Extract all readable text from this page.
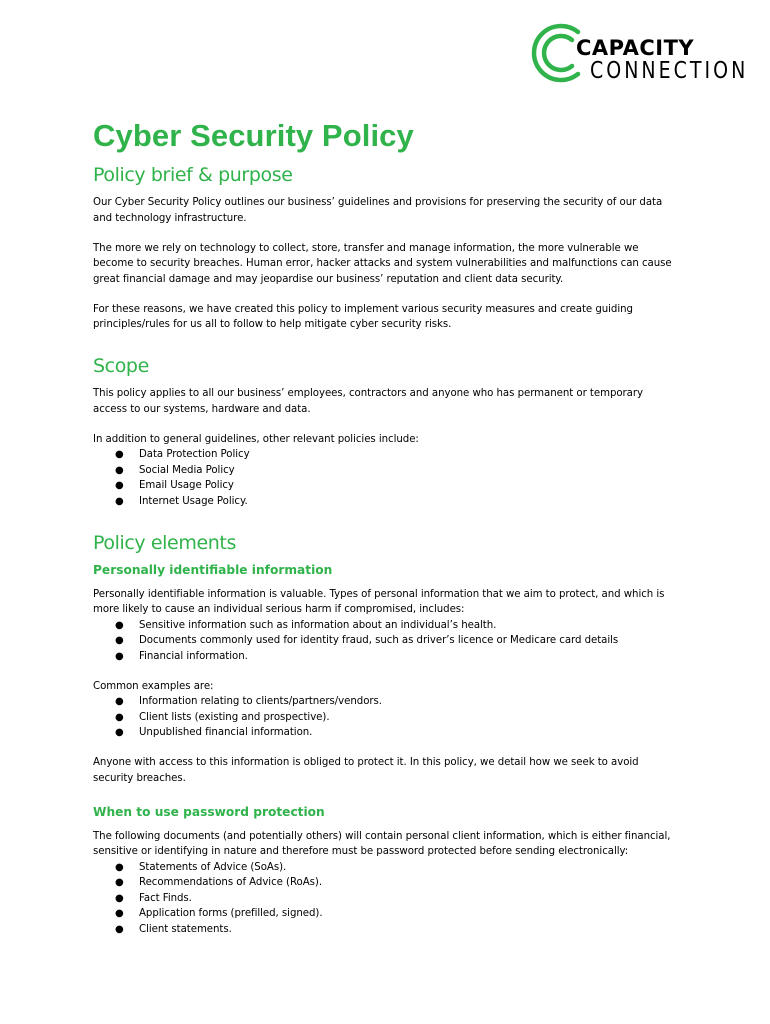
CAPACITY
CONNECTION
Cyber Security Policy
Policy brief & purpose

Our Cyber Security Policy outlines our business’ guidelines and provisions for preserving the security of our data and technology infrastructure.

The more we rely on technology to collect, store, transfer and manage information, the more vulnerable we become to security breaches. Human error, hacker attacks and system vulnerabilities and malfunctions can cause great financial damage and may jeopardise our business’ reputation and client data security.

For these reasons, we have created this policy to implement various security measures and create guiding principles/rules for us all to follow to help mitigate cyber security risks.

Scope

This policy applies to all our business’ employees, contractors and anyone who has permanent or temporary access to our systems, hardware and data.

In addition to general guidelines, other relevant policies include:

● Data Protection Policy
● Social Media Policy
● Email Usage Policy
● Internet Usage Policy.
Policy elements
Personally identifiable information

Personally identifiable information is valuable. Types of personal information that we aim to protect, and which is more likely to cause an individual serious harm if compromised, includes:

● Sensitive information such as information about an individual’s health.
● Documents commonly used for identity fraud, such as driver’s licence or Medicare card details
● Financial information.

Common examples are:

● Information relating to clients/partners/vendors.
● Client lists (existing and prospective).
● Unpublished financial information.

Anyone with access to this information is obliged to protect it. In this policy, we detail how we seek to avoid security breaches.

When to use password protection

The following documents (and potentially others) will contain personal client information, which is either financial, sensitive or identifying in nature and therefore must be password protected before sending electronically:

● Statements of Advice (SoAs).
● Recommendations of Advice (RoAs).
● Fact Finds.
● Application forms (prefilled, signed).
● Client statements.
